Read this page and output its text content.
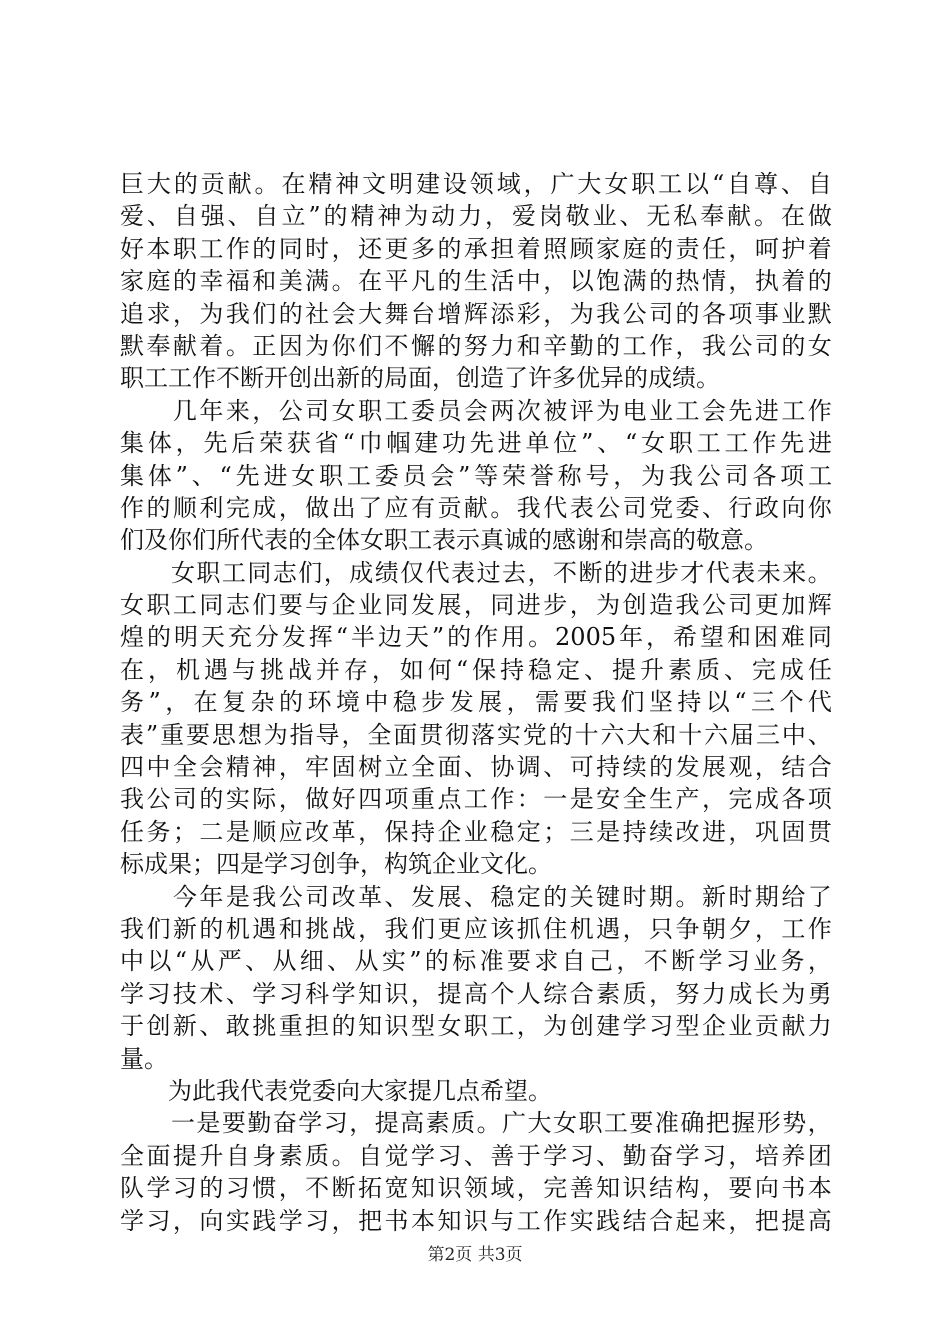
巨 大 的 贡 献 。 在 精 神 文 明 建 设 领 域 ， 广 大 女 职 工 以 “ 自 尊 、 自
爱 、 自 强 、 自 立 ” 的 精 神 为 动 力 ， 爱 岗 敬 业 、 无 私 奉 献 。 在 做
好 本 职 工 作 的 同 时 ， 还 更 多 的 承 担 着 照 顾 家 庭 的 责 任 ， 呵 护 着
家 庭 的 幸 福 和 美 满 。 在 平 凡 的 生 活 中 ， 以 饱 满 的 热 情 ， 执 着 的
追 求 ， 为 我 们 的 社 会 大 舞 台 增 辉 添 彩 ， 为 我 公 司 的 各 项 事 业 默
默 奉 献 着 。 正 因 为 你 们 不 懈 的 努 力 和 辛 勤 的 工 作 ， 我 公 司 的 女
职工工作不断开创出新的局面，创造了许多优异的成绩。

几 年 来 ， 公 司 女 职 工 委 员 会 两 次 被 评 为 电 业 工 会 先 进 工 作
集 体 ， 先 后 荣 获 省 “ 巾 帼 建 功 先 进 单 位 ” 、 “ 女 职 工 工 作 先 进
集 体 ” 、 “ 先 进 女 职 工 委 员 会 ” 等 荣 誉 称 号 ， 为 我 公 司 各 项 工
作 的 顺 利 完 成 ， 做 出 了 应 有 贡 献 。 我 代 表 公 司 党 委 、 行 政 向 你
们及你们所代表的全体女职工表示真诚的感谢和崇高的敬意。

女 职 工 同 志 们 ， 成 绩 仅 代 表 过 去 ， 不 断 的 进 步 才 代 表 未 来 。
女 职 工 同 志 们 要 与 企 业 同 发 展 ， 同 进 步 ， 为 创 造 我 公 司 更 加 辉
煌 的 明 天 充 分 发 挥 “ 半 边 天 ” 的 作 用 。 2005 年 ， 希 望 和 困 难 同
在 ， 机 遇 与 挑 战 并 存 ， 如 何 “ 保 持 稳 定 、 提 升 素 质 、 完 成 任
务 ” ， 在 复 杂 的 环 境 中 稳 步 发 展 ， 需 要 我 们 坚 持 以 “ 三 个 代
表 ” 重 要 思 想 为 指 导 ， 全 面 贯 彻 落 实 党 的 十 六 大 和 十 六 届 三 中 、
四 中 全 会 精 神 ， 牢 固 树 立 全 面 、 协 调 、 可 持 续 的 发 展 观 ， 结 合
我 公 司 的 实 际 ， 做 好 四 项 重 点 工 作 ： 一 是 安 全 生 产 ， 完 成 各 项
任 务 ； 二 是 顺 应 改 革 ， 保 持 企 业 稳 定 ； 三 是 持 续 改 进 ， 巩 固 贯
标成果；四是学习创争，构筑企业文化。

今 年 是 我 公 司 改 革 、 发 展 、 稳 定 的 关 键 时 期 。 新 时 期 给 了
我 们 新 的 机 遇 和 挑 战 ， 我 们 更 应 该 抓 住 机 遇 ， 只 争 朝 夕 ， 工 作
中 以 “ 从 严 、 从 细 、 从 实 ” 的 标 准 要 求 自 己 ， 不 断 学 习 业 务 ，
学 习 技 术 、 学 习 科 学 知 识 ， 提 高 个 人 综 合 素 质 ， 努 力 成 长 为 勇
于 创 新 、 敢 挑 重 担 的 知 识 型 女 职 工 ， 为 创 建 学 习 型 企 业 贡 献 力
量。
　　为此我代表党委向大家提几点希望。

一 是 要 勤 奋 学 习 ， 提 高 素 质 。 广 大 女 职 工 要 准 确 把 握 形 势 ，
全 面 提 升 自 身 素 质 。 自 觉 学 习 、 善 于 学 习 、 勤 奋 学 习 ， 培 养 团
队 学 习 的 习 惯 ， 不 断 拓 宽 知 识 领 域 ， 完 善 知 识 结 构 ， 要 向 书 本
学 习 ， 向 实 践 学 习 ， 把 书 本 知 识 与 工 作 实 践 结 合 起 来 ， 把 提 高
第2页 共3页
